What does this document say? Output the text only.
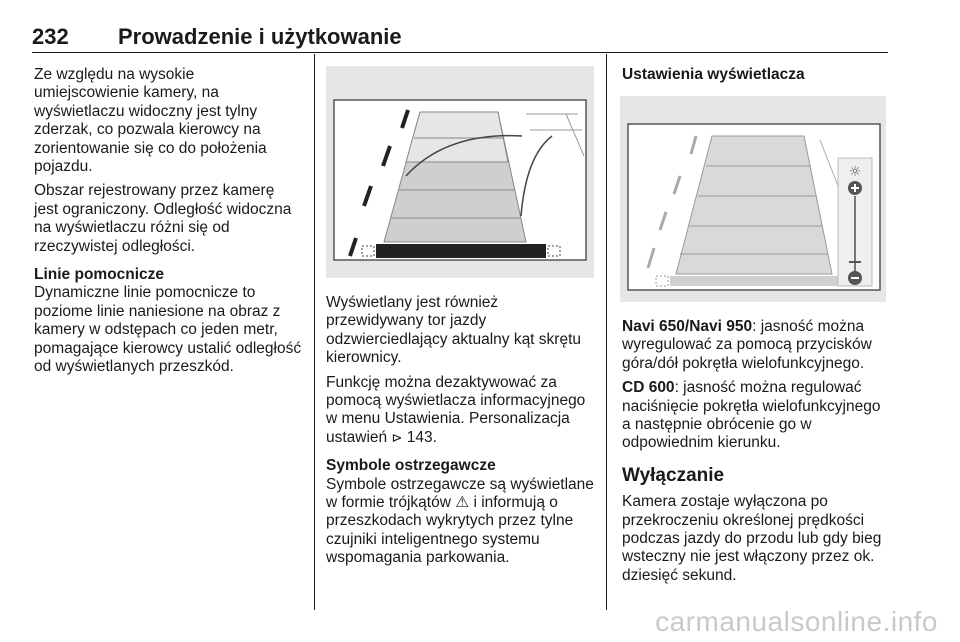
232 Prowadzenie i użytkowanie

Ze względu na wysokie umiejscowienie kamery, na wyświetlaczu widoczny jest tylny zderzak, co pozwala kierowcy na zorientowanie się co do położenia pojazdu.

Obszar rejestrowany przez kamerę jest ograniczony. Odległość widoczna na wyświetlaczu różni się od rzeczywistej odległości.

Linie pomocnicze

Dynamiczne linie pomocnicze to poziome linie naniesione na obraz z kamery w odstępach co jeden metr, pomagające kierowcy ustalić odległość od wyświetlanych przeszkód.

Wyświetlany jest również przewidywany tor jazdy odzwierciedlający aktualny kąt skrętu kierownicy.

Funkcję można dezaktywować za pomocą wyświetlacza informacyjnego w menu Ustawienia. Personalizacja ustawień ⊳ 143.

Symbole ostrzegawcze

Symbole ostrzegawcze są wyświetlane w formie trójkątów ⚠ i informują o przeszkodach wykrytych przez tylne czujniki inteligentnego systemu wspomagania parkowania.

Ustawienia wyświetlacza
☼

Navi 650/Navi 950: jasność można wyregulować za pomocą przycisków góra/dół pokrętła wielofunkcyjnego.

CD 600: jasność można regulować naciśnięcie pokrętła wielofunkcyjnego a następnie obrócenie go w odpowiednim kierunku.

Wyłączanie

Kamera zostaje wyłączona po przekroczeniu określonej prędkości podczas jazdy do przodu lub gdy bieg wsteczny nie jest włączony przez ok. dziesięć sekund.

carmanualsonline.info
